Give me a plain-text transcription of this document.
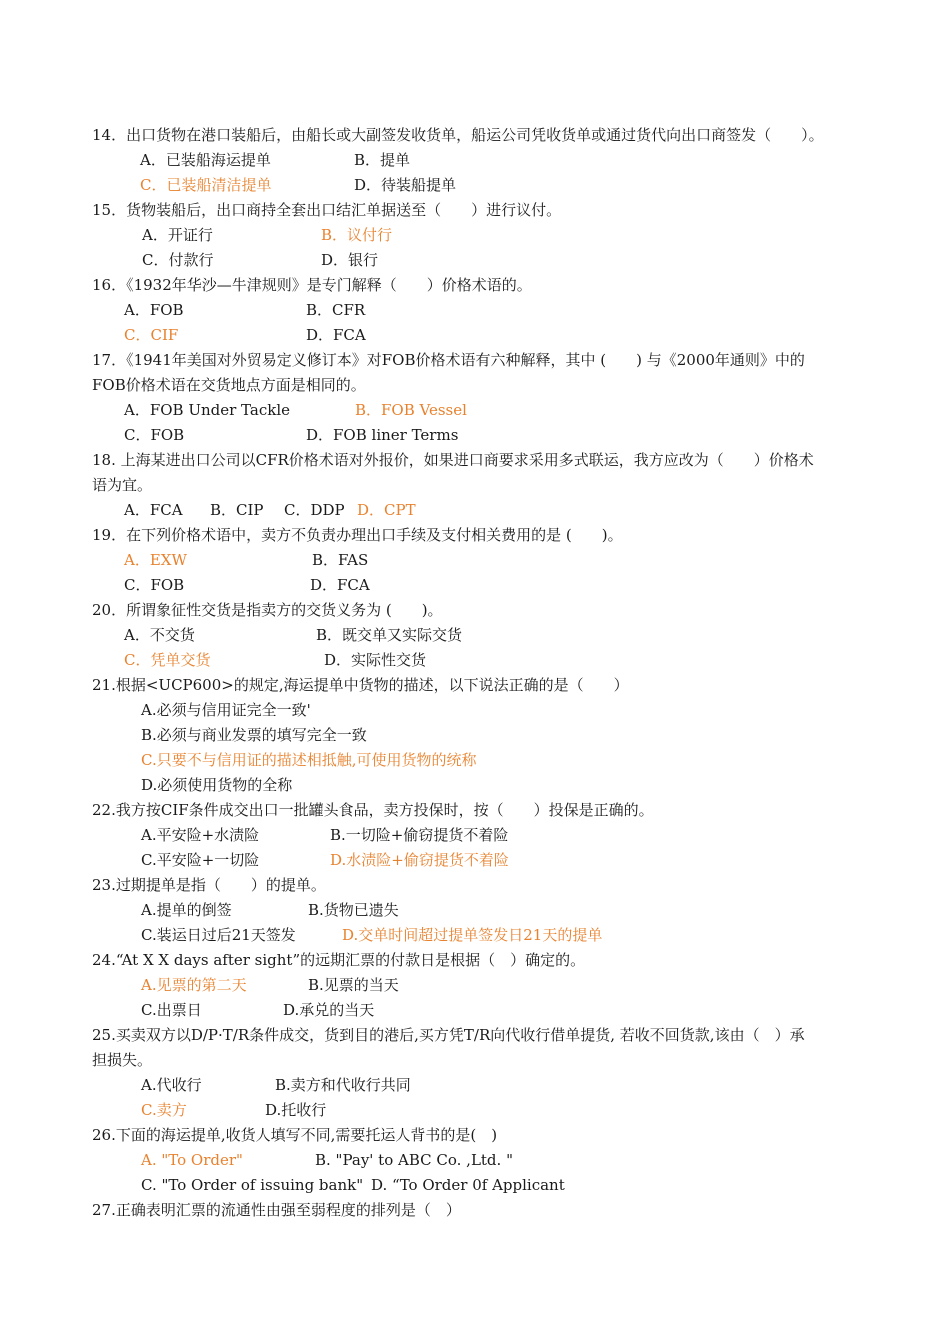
14．出口货物在港口装船后，由船长或大副签发收货单，船运公司凭收货单或通过货代向出口商签发（　　）。
A．已装船海运提单	B．提单
C．已装船清洁提单	D．待装船提单
15．货物装船后，出口商持全套出口结汇单据送至（　　）进行议付。
A．开证行	B．议付行
C．付款行	D．银行
16．《1932年华沙—牛津规则》是专门解释（　　）价格术语的。
A．FOB	B．CFR
C．CIF	D．FCA
17．《1941年美国对外贸易定义修订本》对FOB价格术语有六种解释，其中 (　　) 与《2000年通则》中的
FOB价格术语在交货地点方面是相同的。
A．FOB Under Tackle	B．FOB Vessel
C．FOB	D．FOB liner Terms
18. 上海某进出口公司以CFR价格术语对外报价，如果进口商要求采用多式联运，我方应改为（　　）价格术
语为宜。
A．FCA B．CIP C．DDP D．CPT
19．在下列价格术语中，卖方不负责办理出口手续及支付相关费用的是 (　　)。
A．EXW	B．FAS
C．FOB	D．FCA
20．所谓象征性交货是指卖方的交货义务为 (　　)。
A．不交货	B．既交单又实际交货
C．凭单交货	D．实际性交货
21.根据<UCP600>的规定,海运提单中货物的描述，以下说法正确的是（　　）
A.必须与信用证完全一致'
B.必须与商业发票的填写完全一致
C.只要不与信用证的描述相抵触,可使用货物的统称
D.必须使用货物的全称
22.我方按CIF条件成交出口一批罐头食品，卖方投保时，按（　　）投保是正确的。
A.平安险+水渍险	B.一切险+偷窃提货不着险
C.平安险+一切险	D.水渍险+偷窃提货不着险
23.过期提单是指（　　）的提单。
A.提单的倒签	B.货物已遗失
C.装运日过后21天签发	D.交单时间超过提单签发日21天的提单
24.“At X X days after sight”的远期汇票的付款日是根据（　）确定的。
A.见票的第二天	B.见票的当天
C.出票日	D.承兑的当天
25.买卖双方以D/P·T/R条件成交，货到目的港后,买方凭T/R向代收行借单提货, 若收不回货款,该由（　）承
担损失。
A.代收行	B.卖方和代收行共同
C.卖方	D.托收行
26.下面的海运提单,收货人填写不同,需要托运人背书的是(　)
A. "To Order"	B. "Pay' to ABC Co. ,Ltd. "
C. "To Order of issuing bank" D. “To Order 0f Applicant
27.正确表明汇票的流通性由强至弱程度的排列是（　）
